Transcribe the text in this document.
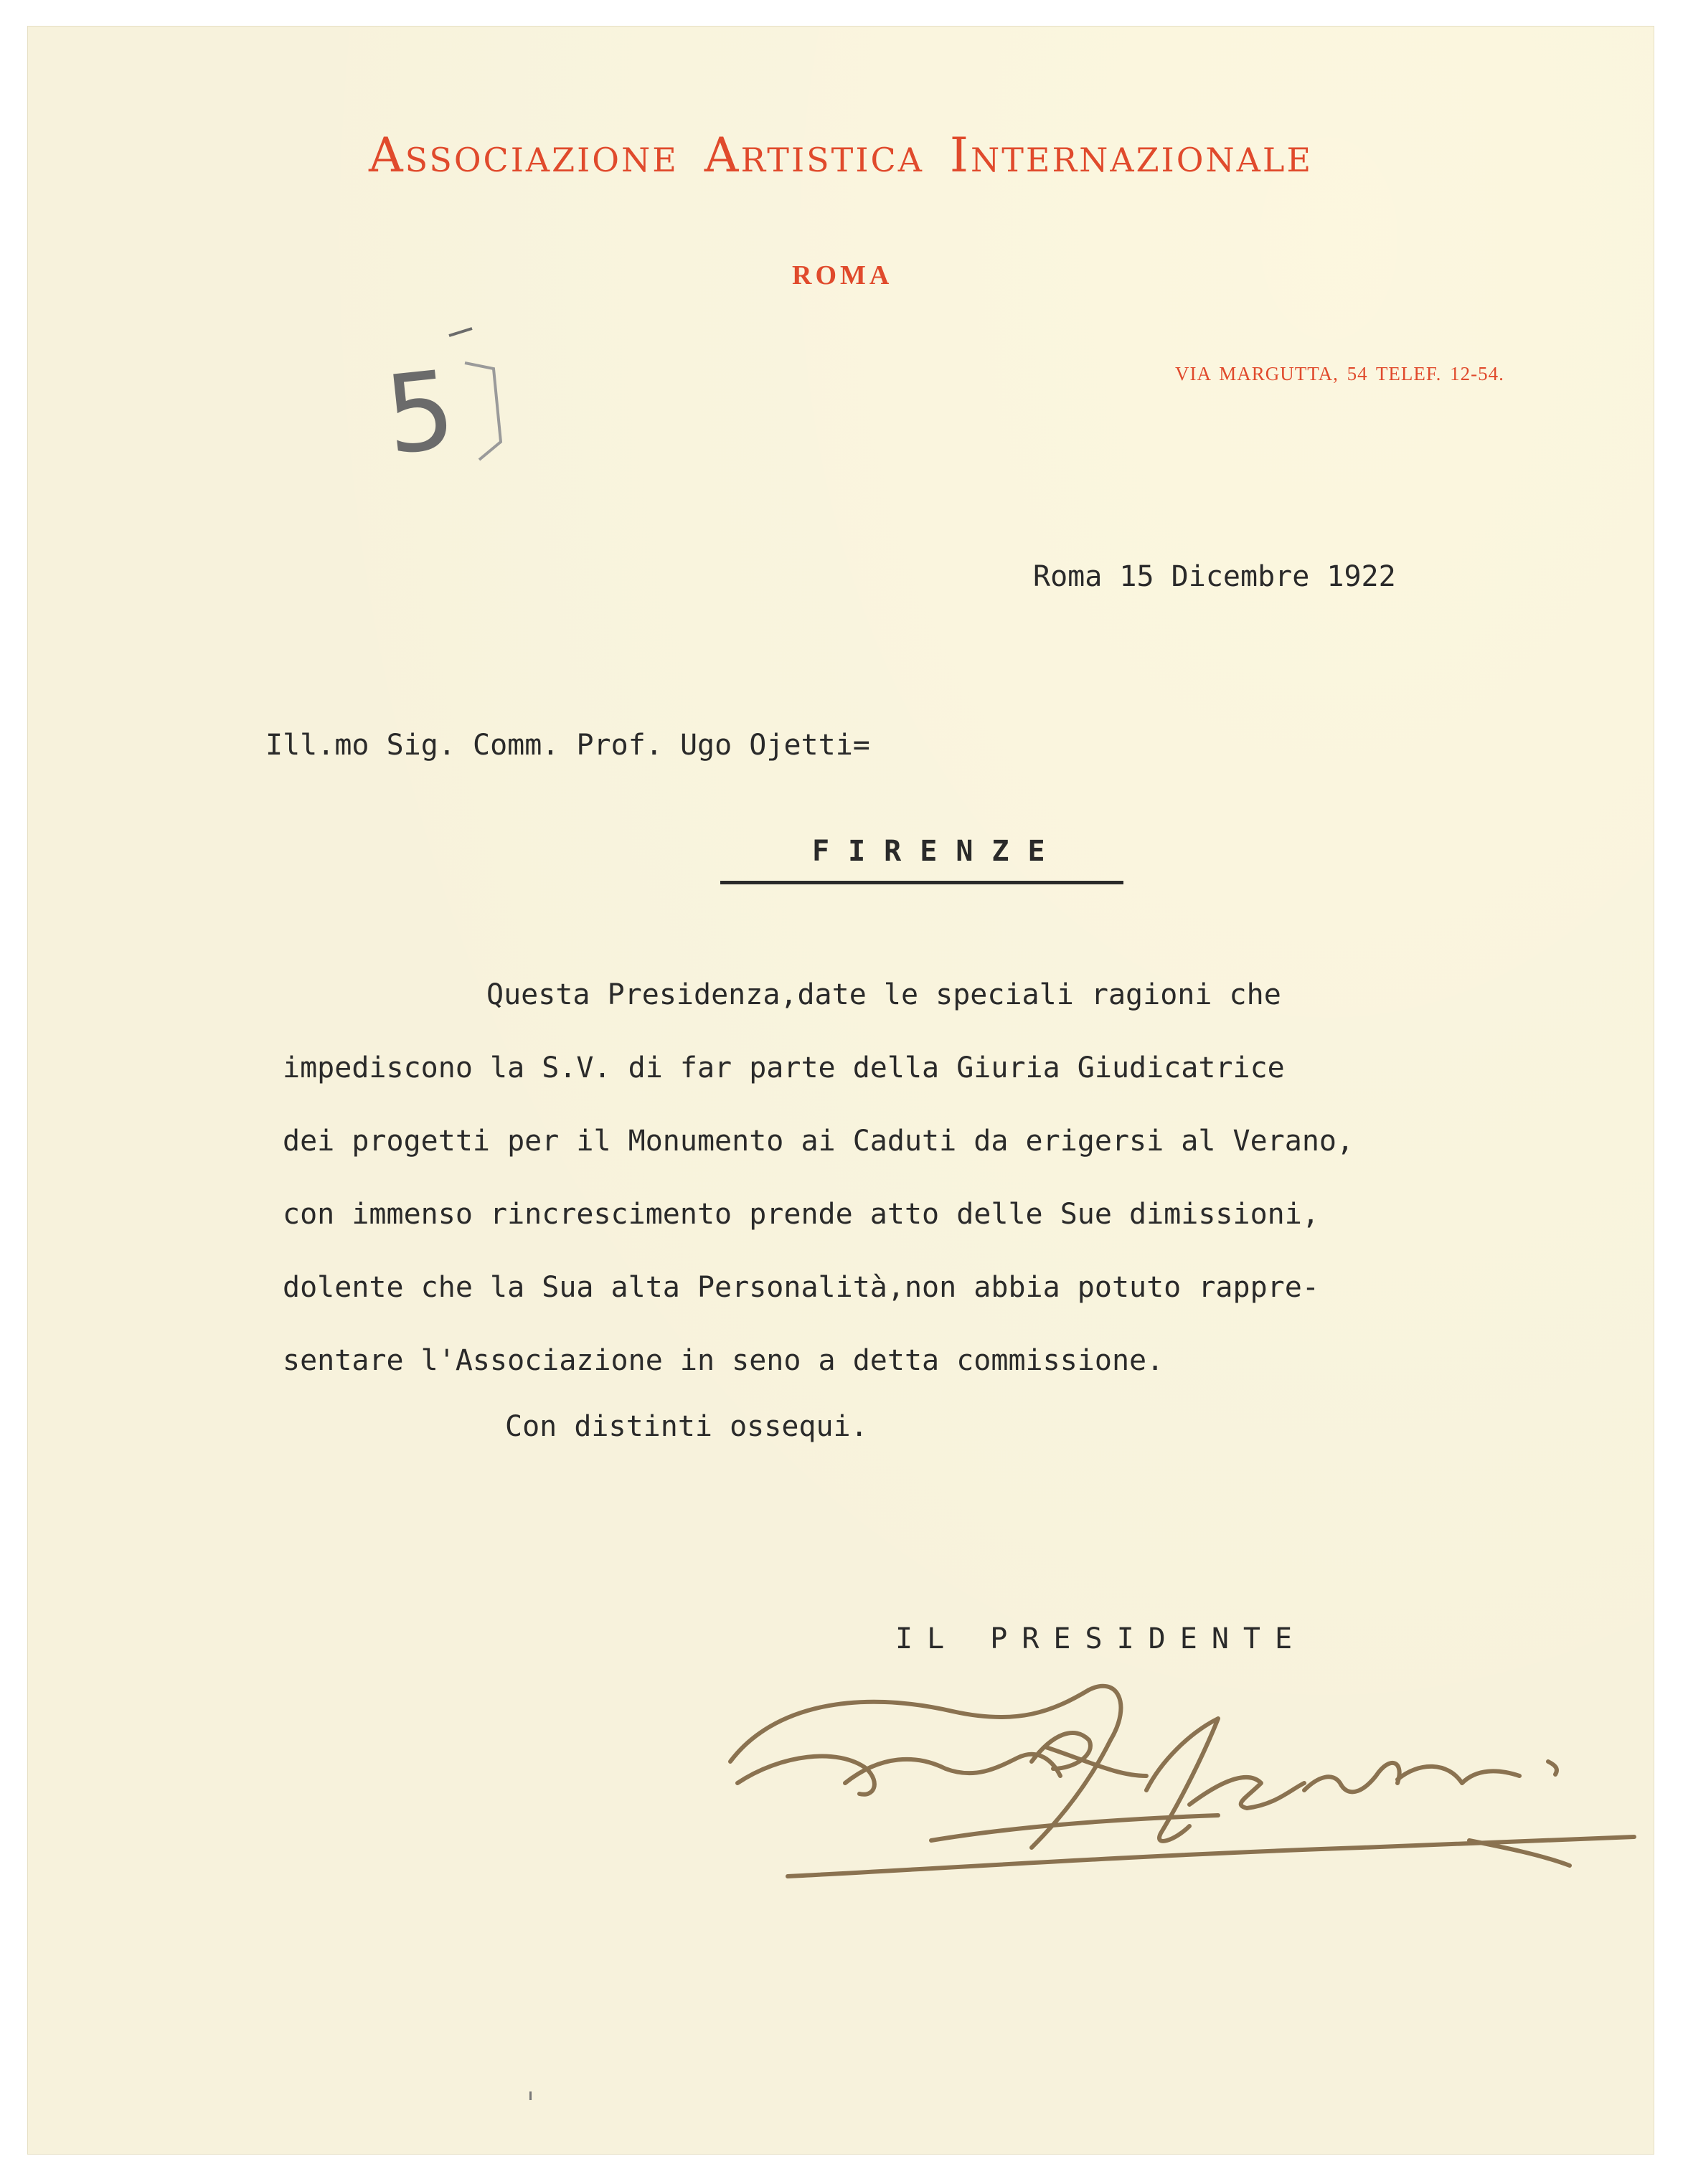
Associazione Artistica Internazionale
ROMA
VIA MARGUTTA, 54 TELEF. 12-54.
5
Roma 15 Dicembre 1922
Ill.mo Sig. Comm. Prof. Ugo Ojetti=
FIRENZE
Questa Presidenza,date le speciali ragioni che
impediscono la S.V. di far parte della Giuria Giudicatrice
dei progetti per il Monumento ai Caduti da erigersi al Verano,
con immenso rincrescimento prende atto delle Sue dimissioni,
dolente che la Sua alta Personalità,non abbia potuto rappre-
sentare l'Associazione in seno a detta commissione.
Con distinti ossequi.
IL PRESIDENTE
